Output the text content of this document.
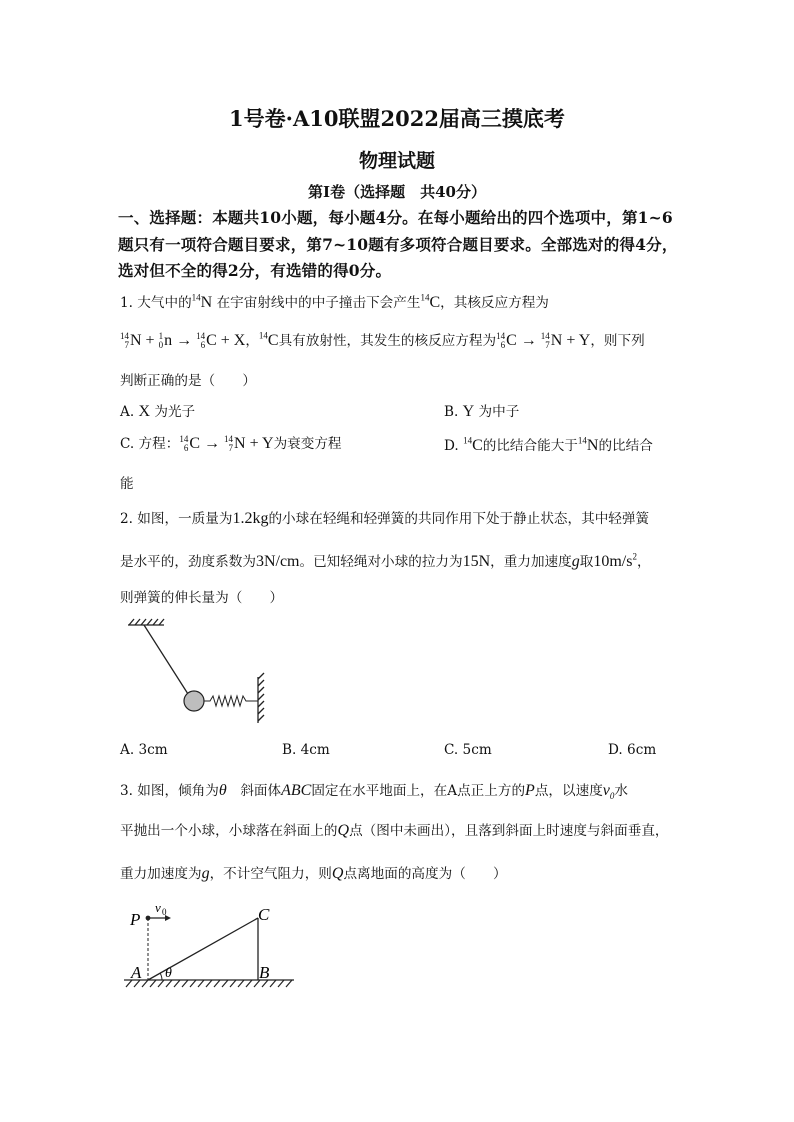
1号卷·A10联盟2022届高三摸底考
物理试题
第Ⅰ卷（选择题　共40分）
一、选择题：本题共10小题，每小题4分。在每小题给出的四个选项中，第1~6
题只有一项符合题目要求，第7~10题有多项符合题目要求。全部选对的得4分，
选对但不全的得2分，有选错的得0分。
1. 大气中的$^{14}$N 在宇宙射线中的中子撞击下会产生$^{14}$C，其核反应方程为
14
7 N + 1
0 n → 14
6 C + X，$^{14}$C具有放射性，其发生的核反应方程为 14
6 C → 14
7 N + Y，则下列
判断正确的是（　　）
A. X 为光子	B. Y 为中子
C. 方程： 14
6 C → 14
7 N + Y为衰变方程	D. $^{14}$C的比结合能大于$^{14}$N的比结合
能
2. 如图，一质量为1.2kg的小球在轻绳和轻弹簧的共同作用下处于静止状态，其中轻弹簧
是水平的，劲度系数为3N/cm。已知轻绳对小球的拉力为15N，重力加速度g取$10m/s^2$，
则弹簧的伸长量为（　　）
A. 3cm	B. 4cm	C. 5cm	D. 6cm
3. 如图，倾角为θ　 斜面体ABC固定在水平地面上，在A点正上方的P点，以速度$v_0$水
平抛出一个小球，小球落在斜面上的Q点（图中未画出），且落到斜面上时速度与斜面垂直，
重力加速度为g，不计空气阻力，则Q点离地面的高度为（　　）
P
v 0	C
A θ	B
